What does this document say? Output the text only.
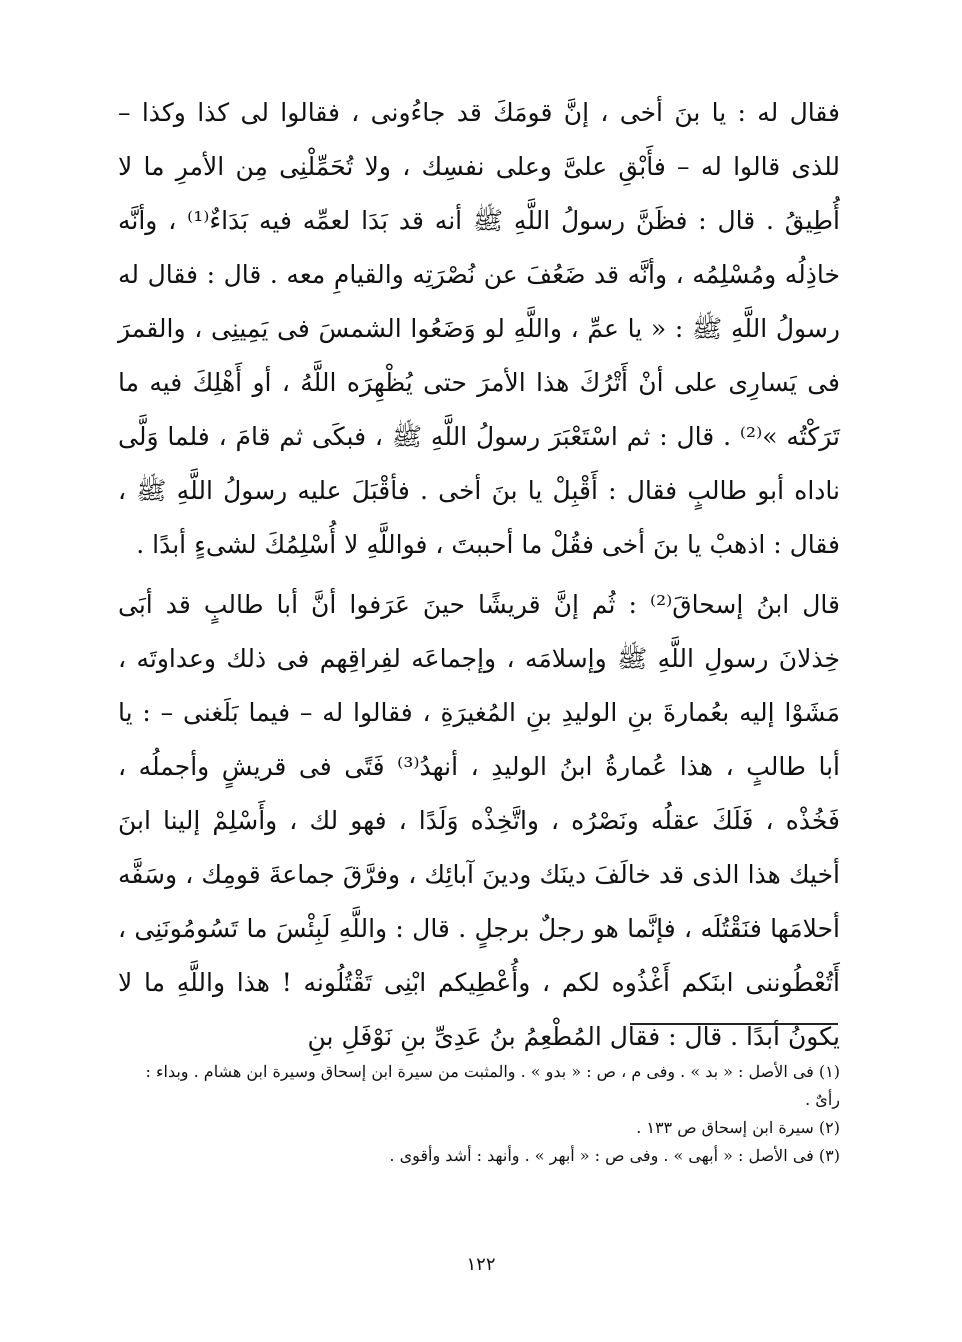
فقال له : يا بنَ أخى ، إنَّ قومَكَ قد جاءُونى ، فقالوا لى كذا وكذا – للذى قالوا له – فأَبْقِ علىَّ وعلى نفسِك ، ولا تُحَمِّلْنِى مِن الأمرِ ما لا أُطِيقُ . قال : فظَنَّ رسولُ اللَّهِ ﷺ أنه قد بَدَا لعمِّه فيه بَدَاءٌ⁽¹⁾ ، وأنَّه خاذِلُه ومُسْلِمُه ، وأنَّه قد ضَعُفَ عن نُصْرَتِه والقيامِ معه . قال : فقال له رسولُ اللَّهِ ﷺ : « يا عمِّ ، واللَّهِ لو وَضَعُوا الشمسَ فى يَمِينِى ، والقمرَ فى يَسارِى على أنْ أَتْرُكَ هذا الأمرَ حتى يُظْهِرَه اللَّهُ ، أو أَهْلِكَ فيه ما تَرَكْتُه »⁽²⁾ . قال : ثم اسْتَعْبَرَ رسولُ اللَّهِ ﷺ ، فبكَى ثم قامَ ، فلما وَلَّى ناداه أبو طالبٍ فقال : أَقْبِلْ يا بنَ أخى . فأقْبَلَ عليه رسولُ اللَّهِ ﷺ ، فقال : اذهبْ يا بنَ أخى فقُلْ ما أحببتَ ، فواللَّهِ لا أُسْلِمُكَ لشىءٍ أبدًا .

قال ابنُ إسحاقَ⁽²⁾ : ثُم إنَّ قريشًا حينَ عَرَفوا أنَّ أبا طالبٍ قد أبَى خِذلانَ رسولِ اللَّهِ ﷺ وإسلامَه ، وإجماعَه لفِراقِهم فى ذلك وعداوتَه ، مَشَوْا إليه بعُمارةَ بنِ الوليدِ بنِ المُغيرَةِ ، فقالوا له – فيما بَلَغنى – : يا أبا طالبٍ ، هذا عُمارةُ ابنُ الوليدِ ، أنهدُ⁽³⁾ فَتًى فى قريشٍ وأجملُه ، فَخُذْه ، فَلَكَ عقلُه ونَصْرُه ، واتَّخِذْه وَلَدًا ، فهو لك ، وأَسْلِمْ إلينا ابنَ أخيك هذا الذى قد خالَفَ دينَك ودينَ آبائِك ، وفرَّقَ جماعةَ قومِك ، وسَفَّه أحلامَها فنَقْتُلَه ، فإنَّما هو رجلٌ برجلٍ . قال : واللَّهِ لَبِئْسَ ما تَسُومُونَنِى ، أَتُعْطُوننى ابنَكم أَغْذُوه لكم ، وأُعْطِيكم ابْنِى تَقْتُلُونه ! هذا واللَّهِ ما لا يكونُ أبدًا . قال : فقال المُطْعِمُ بنُ عَدِىِّ بنِ نَوْفَلِ بنِ

(١) فى الأصل : « بد » . وفى م ، ص : « بدو » . والمثبت من سيرة ابن إسحاق وسيرة ابن هشام . وبداء : رأىٌ .

(٢) سيرة ابن إسحاق ص ١٣٣ .

(٣) فى الأصل : « أبهى » . وفى ص : « أبهر » . وأنهد : أشد وأقوى .

١٢٢
